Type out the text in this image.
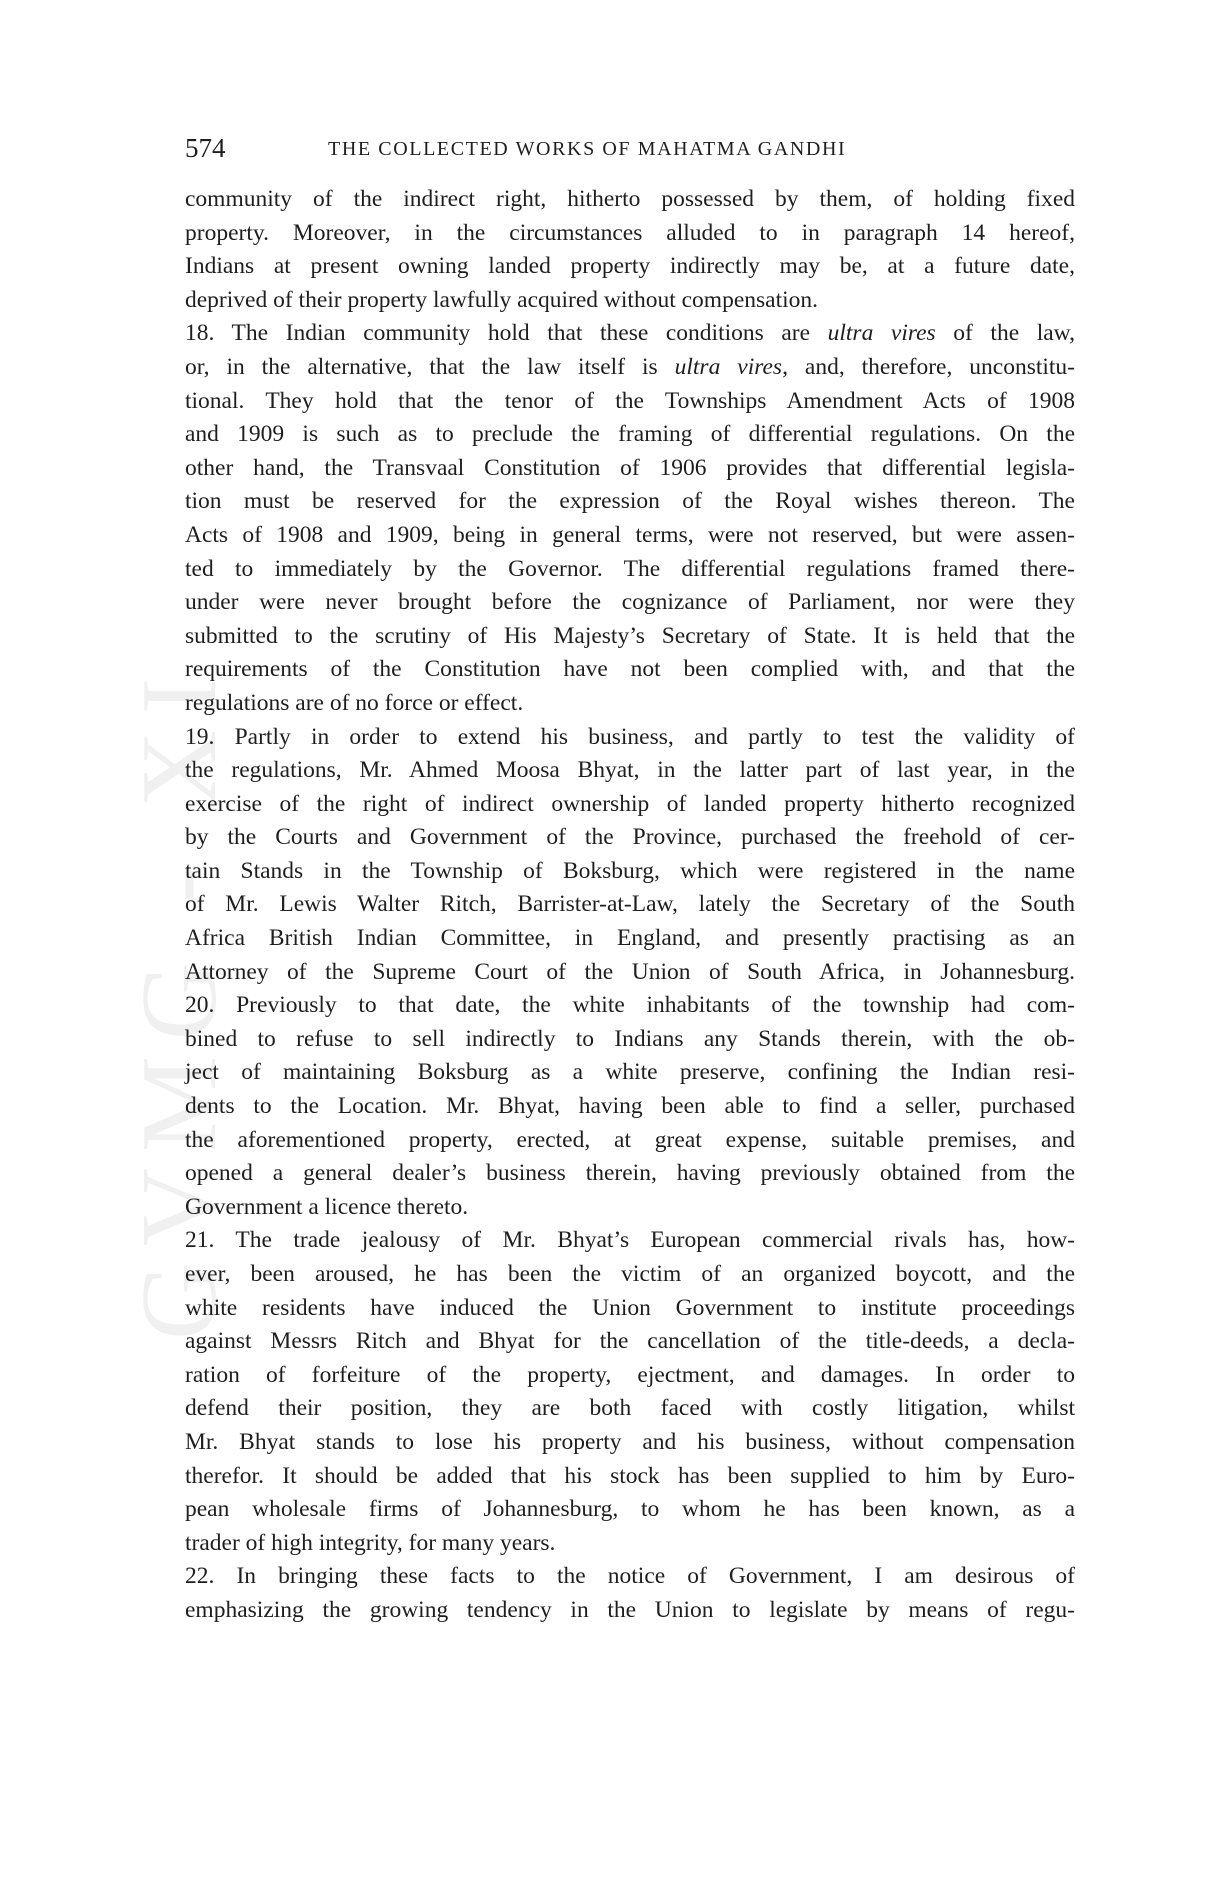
GVMG - XI
574	THE COLLECTED WORKS OF MAHATMA GANDHI
community of the indirect right, hitherto possessed by them, of holding fixed
property. Moreover, in the circumstances alluded to in paragraph 14 hereof,
Indians at present owning landed property indirectly may be, at a future date,
deprived of their property lawfully acquired without compensation.
18. The Indian community hold that these conditions are ultra vires of the law,
or, in the alternative, that the law itself is ultra vires, and, therefore, unconstitu-
tional. They hold that the tenor of the Townships Amendment Acts of 1908
and 1909 is such as to preclude the framing of differential regulations. On the
other hand, the Transvaal Constitution of 1906 provides that differential legisla-
tion must be reserved for the expression of the Royal wishes thereon. The
Acts of 1908 and 1909, being in general terms, were not reserved, but were assen-
ted to immediately by the Governor. The differential regulations framed there-
under were never brought before the cognizance of Parliament, nor were they
submitted to the scrutiny of His Majesty’s Secretary of State. It is held that the
requirements of the Constitution have not been complied with, and that the
regulations are of no force or effect.
19. Partly in order to extend his business, and partly to test the validity of
the regulations, Mr. Ahmed Moosa Bhyat, in the latter part of last year, in the
exercise of the right of indirect ownership of landed property hitherto recognized
by the Courts and Government of the Province, purchased the freehold of cer-
tain Stands in the Township of Boksburg, which were registered in the name
of Mr. Lewis Walter Ritch, Barrister-at-Law, lately the Secretary of the South
Africa British Indian Committee, in England, and presently practising as an
Attorney of the Supreme Court of the Union of South Africa, in Johannesburg.
20. Previously to that date, the white inhabitants of the township had com-
bined to refuse to sell indirectly to Indians any Stands therein, with the ob-
ject of maintaining Boksburg as a white preserve, confining the Indian resi-
dents to the Location. Mr. Bhyat, having been able to find a seller, purchased
the aforementioned property, erected, at great expense, suitable premises, and
opened a general dealer’s business therein, having previously obtained from the
Government a licence thereto.
21. The trade jealousy of Mr. Bhyat’s European commercial rivals has, how-
ever, been aroused, he has been the victim of an organized boycott, and the
white residents have induced the Union Government to institute proceedings
against Messrs Ritch and Bhyat for the cancellation of the title-deeds, a decla-
ration of forfeiture of the property, ejectment, and damages. In order to
defend their position, they are both faced with costly litigation, whilst
Mr. Bhyat stands to lose his property and his business, without compensation
therefor. It should be added that his stock has been supplied to him by Euro-
pean wholesale firms of Johannesburg, to whom he has been known, as a
trader of high integrity, for many years.
22. In bringing these facts to the notice of Government, I am desirous of
emphasizing the growing tendency in the Union to legislate by means of regu-
